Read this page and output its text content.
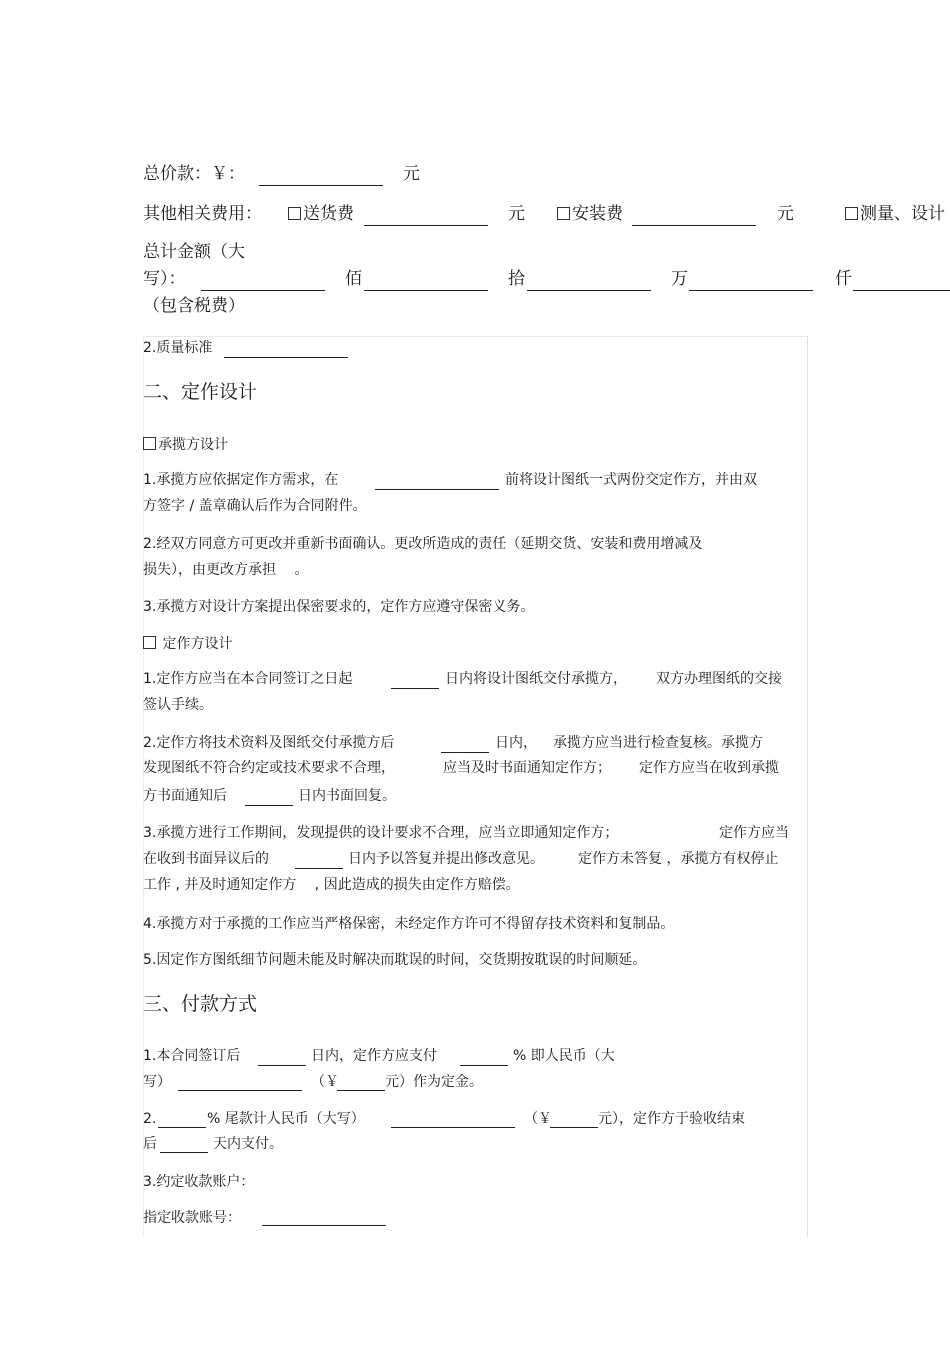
总价款：￥：	元
其他相关费用：	送货费	元	安装费	元	测量、设计
总计金额（大
写）：	佰	拾	万	仟
（包含税费）
2.质量标准
二、定作设计
承揽方设计
1.承揽方应依据定作方需求，在	前将设计图纸一式两份交定作方，并由双
方签字 / 盖章确认后作为合同附件。
2.经双方同意方可更改并重新书面确认。更改所造成的责任（延期交货、安装和费用增减及
损失），由更改方承担　 。
3.承揽方对设计方案提出保密要求的，定作方应遵守保密义务。
定作方设计
1.定作方应当在本合同签订之日起	日内将设计图纸交付承揽方， 双方办理图纸的交接
签认手续。
2.定作方将技术资料及图纸交付承揽方后	日内， 承揽方应当进行检查复核。承揽方
发现图纸不符合约定或技术要求不合理，	应当及时书面通知定作方； 定作方应当在收到承揽
方书面通知后	日内书面回复。
3.承揽方进行工作期间，发现提供的设计要求不合理，应当立即通知定作方；	定作方应当
在收到书面异议后的	日内予以答复并提出修改意见。 定作方未答复 ，承揽方有权停止
工作 , 并及时通知定作方　 , 因此造成的损失由定作方赔偿。
4.承揽方对于承揽的工作应当严格保密，未经定作方许可不得留存技术资料和复制品。
5.因定作方图纸细节问题未能及时解决而耽误的时间，交货期按耽误的时间顺延。
三、付款方式
1.本合同签订后	日内，定作方应支付	% 即人民币（大
写）	（￥	元）作为定金。
2.	% 尾款计人民币（大写）	（￥	元），定作方于验收结束
后	天内支付。
3.约定收款账户：
指定收款账号：
